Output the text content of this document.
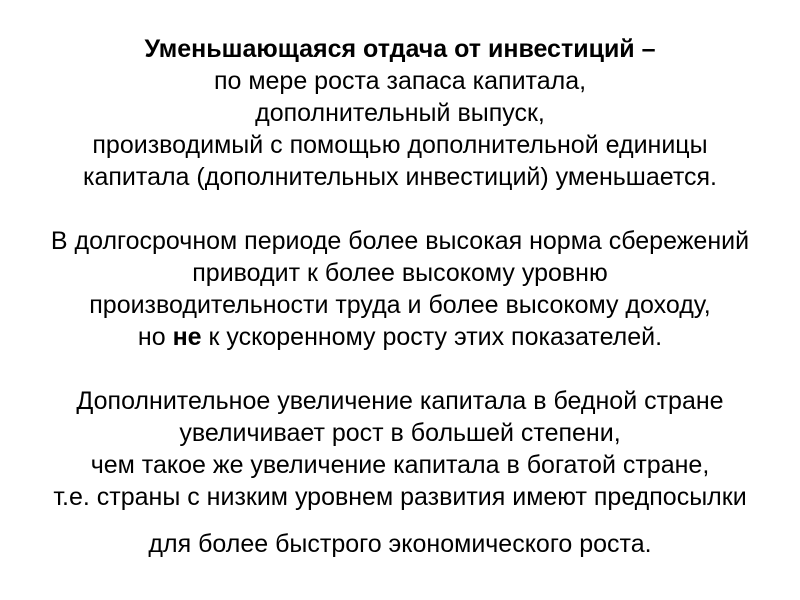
Уменьшающаяся отдача от инвестиций –
по мере роста запаса капитала,
дополнительный выпуск,
производимый с помощью дополнительной единицы
капитала (дополнительных инвестиций) уменьшается.
В долгосрочном периоде более высокая норма сбережений
приводит к более высокому уровню
производительности труда и более высокому доходу,
но не к ускоренному росту этих показателей.
Дополнительное увеличение капитала в бедной стране
увеличивает рост в большей степени,
чем такое же увеличение капитала в богатой стране,
т.е. страны с низким уровнем развития имеют предпосылки
для более быстрого экономического роста.
